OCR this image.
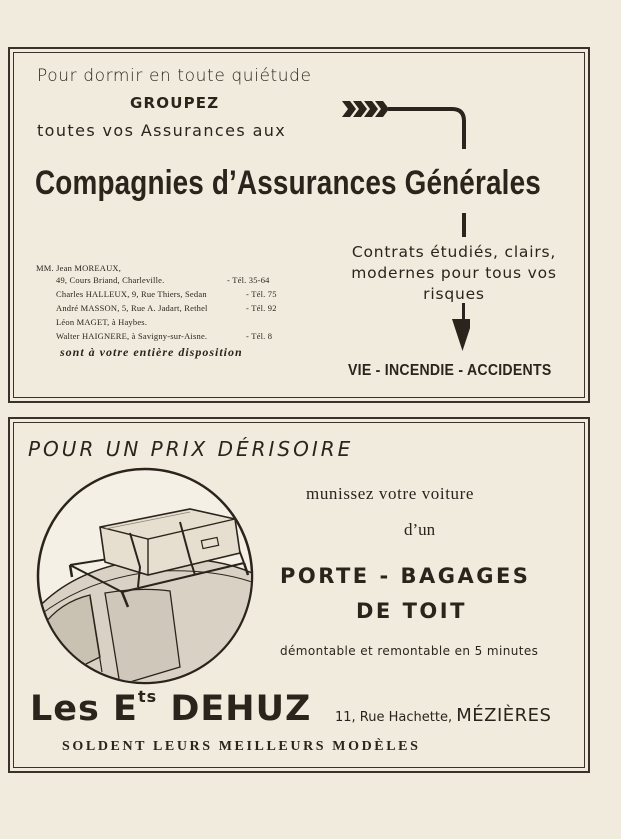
Pour dormir en toute quiétude
GROUPEZ
toutes vos Assurances aux
Compagnies d’Assurances Générales
Contrats étudiés, clairs, modernes pour tous vos risques
MM. Jean MOREAUX,
49, Cours Briand, Charleville.	- Tél. 35-64
Charles HALLEUX, 9, Rue Thiers, Sedan	- Tél. 75
André MASSON, 5, Rue A. Jadart, Rethel	- Tél. 92
Léon MAGET, à Haybes.
Walter HAIGNERE, à Savigny-sur-Aisne.	- Tél. 8
sont à votre entière disposition
VIE - INCENDIE - ACCIDENTS
POUR UN PRIX DÉRISOIRE
munissez votre voiture
d’un
PORTE - BAGAGES
DE TOIT
démontable et remontable en 5 minutes
Les $E^{ts}$ DEHUZ 11, Rue Hachette, MÉZIÈRES
SOLDENT LEURS MEILLEURS MODÈLES
